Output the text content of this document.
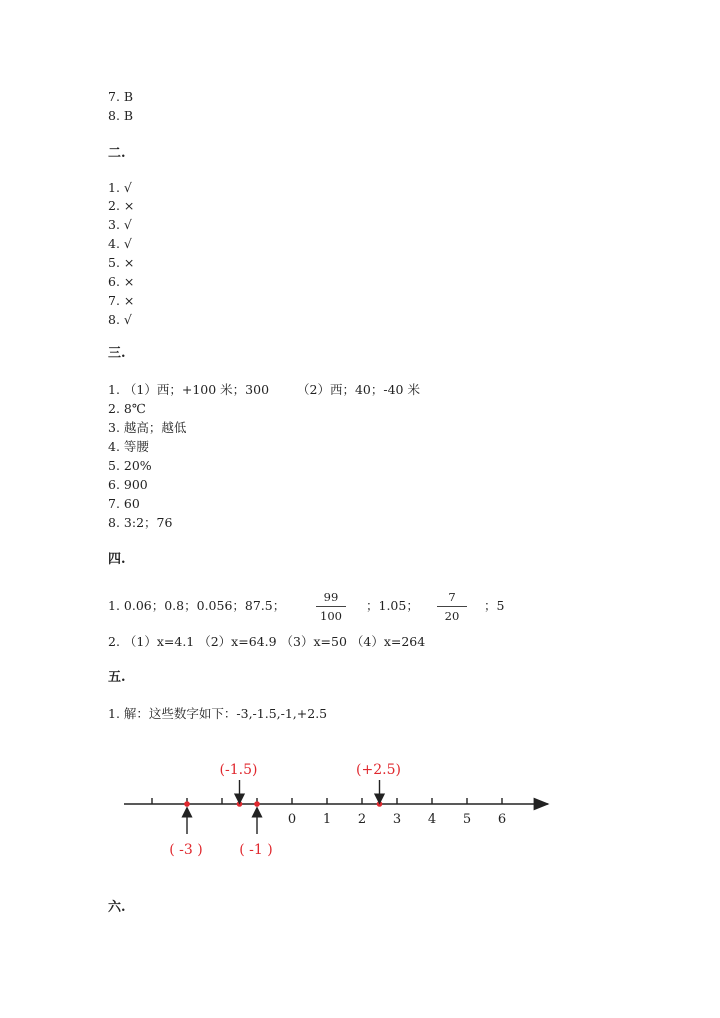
7. B
8. B
二.
1. √
2. ×
3. √
4. √
5. ×
6. ×
7. ×
8. √
三.
1. （1）西；+100 米；300 （2）西；40；-40 米
2. 8℃
3. 越高；越低
4. 等腰
5. 20%
6. 900
7. 60
8. 3:2；76
四.
1. 0.06；0.8；0.056；87.5；
99
100
；1.05；
7
20
；5
2. （1）x=4.1 （2）x=64.9 （3）x=50 （4）x=264
五.
1. 解：这些数字如下：-3,-1.5,-1,+2.5
0 1 2 3 4 5 6
(-1.5)	(+2.5)
( -3 )	( -1 )
六.
